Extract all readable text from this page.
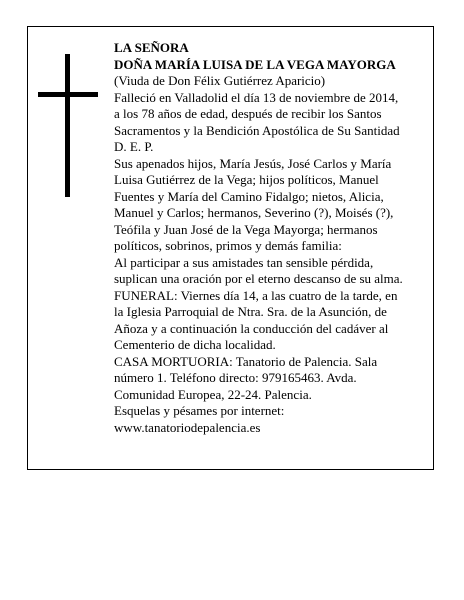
LA SEÑORA
DOÑA MARÍA LUISA DE LA VEGA MAYORGA
(Viuda de Don Félix Gutiérrez Aparicio)
Falleció en Valladolid el día 13 de noviembre de 2014,
a los 78 años de edad, después de recibir los Santos
Sacramentos y la Bendición Apostólica de Su Santidad
D. E. P.
Sus apenados hijos, María Jesús, José Carlos y María
Luisa Gutiérrez de la Vega; hijos políticos, Manuel
Fuentes y María del Camino Fidalgo; nietos, Alicia,
Manuel y Carlos; hermanos, Severino (?), Moisés (?),
Teófila y Juan José de la Vega Mayorga; hermanos
políticos, sobrinos, primos y demás familia:
Al participar a sus amistades tan sensible pérdida,
suplican una oración por el eterno descanso de su alma.
FUNERAL: Viernes día 14, a las cuatro de la tarde, en
la Iglesia Parroquial de Ntra. Sra. de la Asunción, de
Añoza y a continuación la conducción del cadáver al
Cementerio de dicha localidad.
CASA MORTUORIA: Tanatorio de Palencia. Sala
número 1. Teléfono directo: 979165463. Avda.
Comunidad Europea, 22-24. Palencia.
Esquelas y pésames por internet:
www.tanatoriodepalencia.es
